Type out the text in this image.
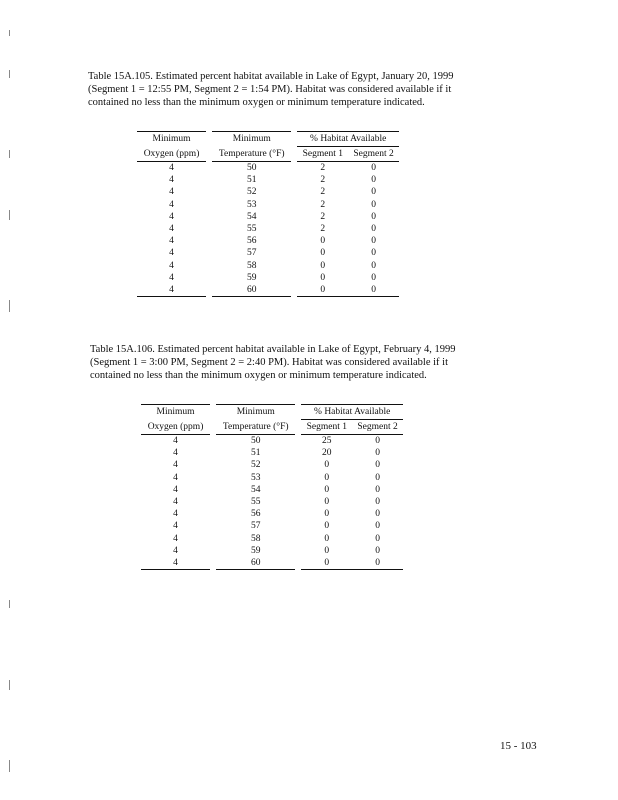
Table 15A.105. Estimated percent habitat available in Lake of Egypt, January 20, 1999 (Segment 1 = 12:55 PM, Segment 2 = 1:54 PM). Habitat was considered available if it contained no less than the minimum oxygen or minimum temperature indicated.

Minimum		Minimum		% Habitat Available	
Oxygen (ppm)		Temperature (°F)		Segment 1	Segment 2
4		50		2	0
4		51		2	0
4		52		2	0
4		53		2	0
4		54		2	0
4		55		2	0
4		56		0	0
4		57		0	0
4		58		0	0
4		59		0	0
4		60		0	0

Table 15A.106. Estimated percent habitat available in Lake of Egypt, February 4, 1999 (Segment 1 = 3:00 PM, Segment 2 = 2:40 PM). Habitat was considered available if it contained no less than the minimum oxygen or minimum temperature indicated.

Minimum		Minimum		% Habitat Available	
Oxygen (ppm)		Temperature (°F)		Segment 1	Segment 2
4		50		25	0
4		51		20	0
4		52		0	0
4		53		0	0
4		54		0	0
4		55		0	0
4		56		0	0
4		57		0	0
4		58		0	0
4		59		0	0
4		60		0	0
15 - 103
